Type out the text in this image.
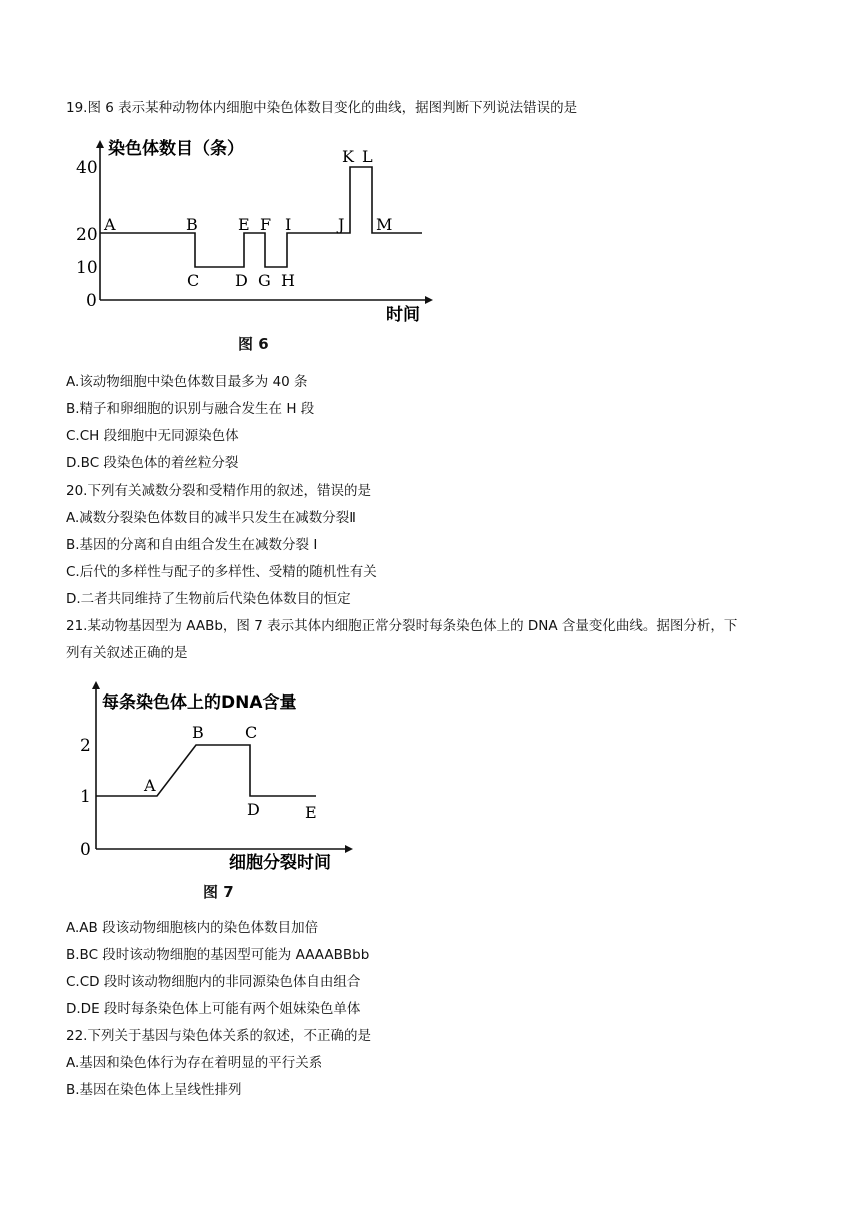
19.图 6 表示某种动物体内细胞中染色体数目变化的曲线，据图判断下列说法错误的是
染色体数目（条）
时间
40
20
10
0
A	B
C D
E F
G H
I	J
K L
M
每条染色体上的DNA含量
细胞分裂时间
2
1
0
A
B	C
D	E
图 6
A.该动物细胞中染色体数目最多为 40 条
B.精子和卵细胞的识别与融合发生在 H 段
C.CH 段细胞中无同源染色体
D.BC 段染色体的着丝粒分裂
20.下列有关减数分裂和受精作用的叙述，错误的是
A.减数分裂染色体数目的减半只发生在减数分裂Ⅱ
B.基因的分离和自由组合发生在减数分裂 I
C.后代的多样性与配子的多样性、受精的随机性有关
D.二者共同维持了生物前后代染色体数目的恒定
21.某动物基因型为 AABb，图 7 表示其体内细胞正常分裂时每条染色体上的 DNA 含量变化曲线。据图分析，下
列有关叙述正确的是
图 7
A.AB 段该动物细胞核内的染色体数目加倍
B.BC 段时该动物细胞的基因型可能为 AAAABBbb
C.CD 段时该动物细胞内的非同源染色体自由组合
D.DE 段时每条染色体上可能有两个姐妹染色单体
22.下列关于基因与染色体关系的叙述，不正确的是
A.基因和染色体行为存在着明显的平行关系
B.基因在染色体上呈线性排列
